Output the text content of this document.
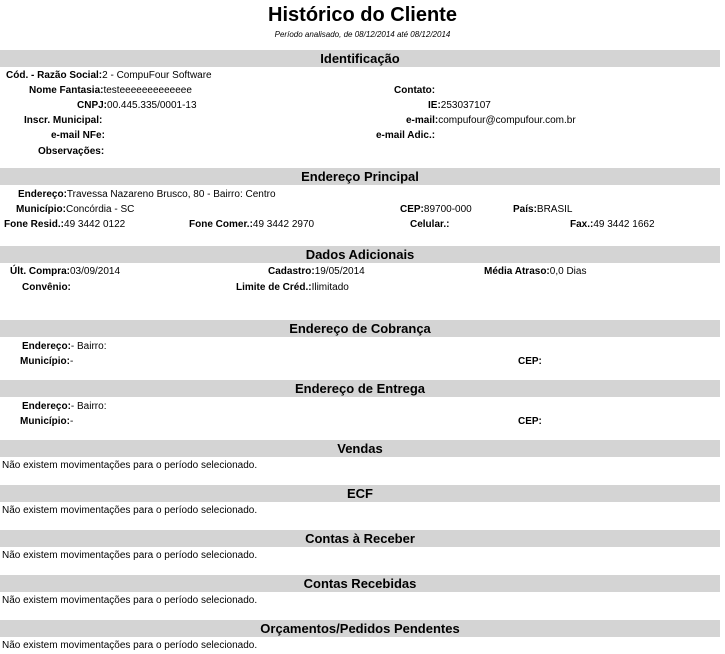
Histórico do Cliente
Período analisado, de 08/12/2014 até 08/12/2014
Identificação
Cód. - Razão Social:2 - CompuFour Software
Nome Fantasia:testeeeeeeeeeeeee	Contato:
CNPJ:00.445.335/0001-13	IE:253037107
Inscr. Municipal:	e-mail:compufour@compufour.com.br
e-mail NFe:	e-mail Adic.:
Observações:
Endereço Principal
Endereço:Travessa Nazareno Brusco, 80 - Bairro: Centro
Município:Concórdia - SC	CEP:89700-000	País:BRASIL
Fone Resid.:49 3442 0122	Fone Comer.:49 3442 2970	Celular.:	Fax.:49 3442 1662
Dados Adicionais
Últ. Compra:03/09/2014	Cadastro:19/05/2014	Média Atraso:0,0 Dias
Convênio:	Limite de Créd.:Ilimitado
Endereço de Cobrança
Endereço:- Bairro:
Município:-	CEP:
Endereço de Entrega
Endereço:- Bairro:
Município:-	CEP:
Vendas
Não existem movimentações para o período selecionado.
ECF
Não existem movimentações para o período selecionado.
Contas à Receber
Não existem movimentações para o período selecionado.
Contas Recebidas
Não existem movimentações para o período selecionado.
Orçamentos/Pedidos Pendentes
Não existem movimentações para o período selecionado.
